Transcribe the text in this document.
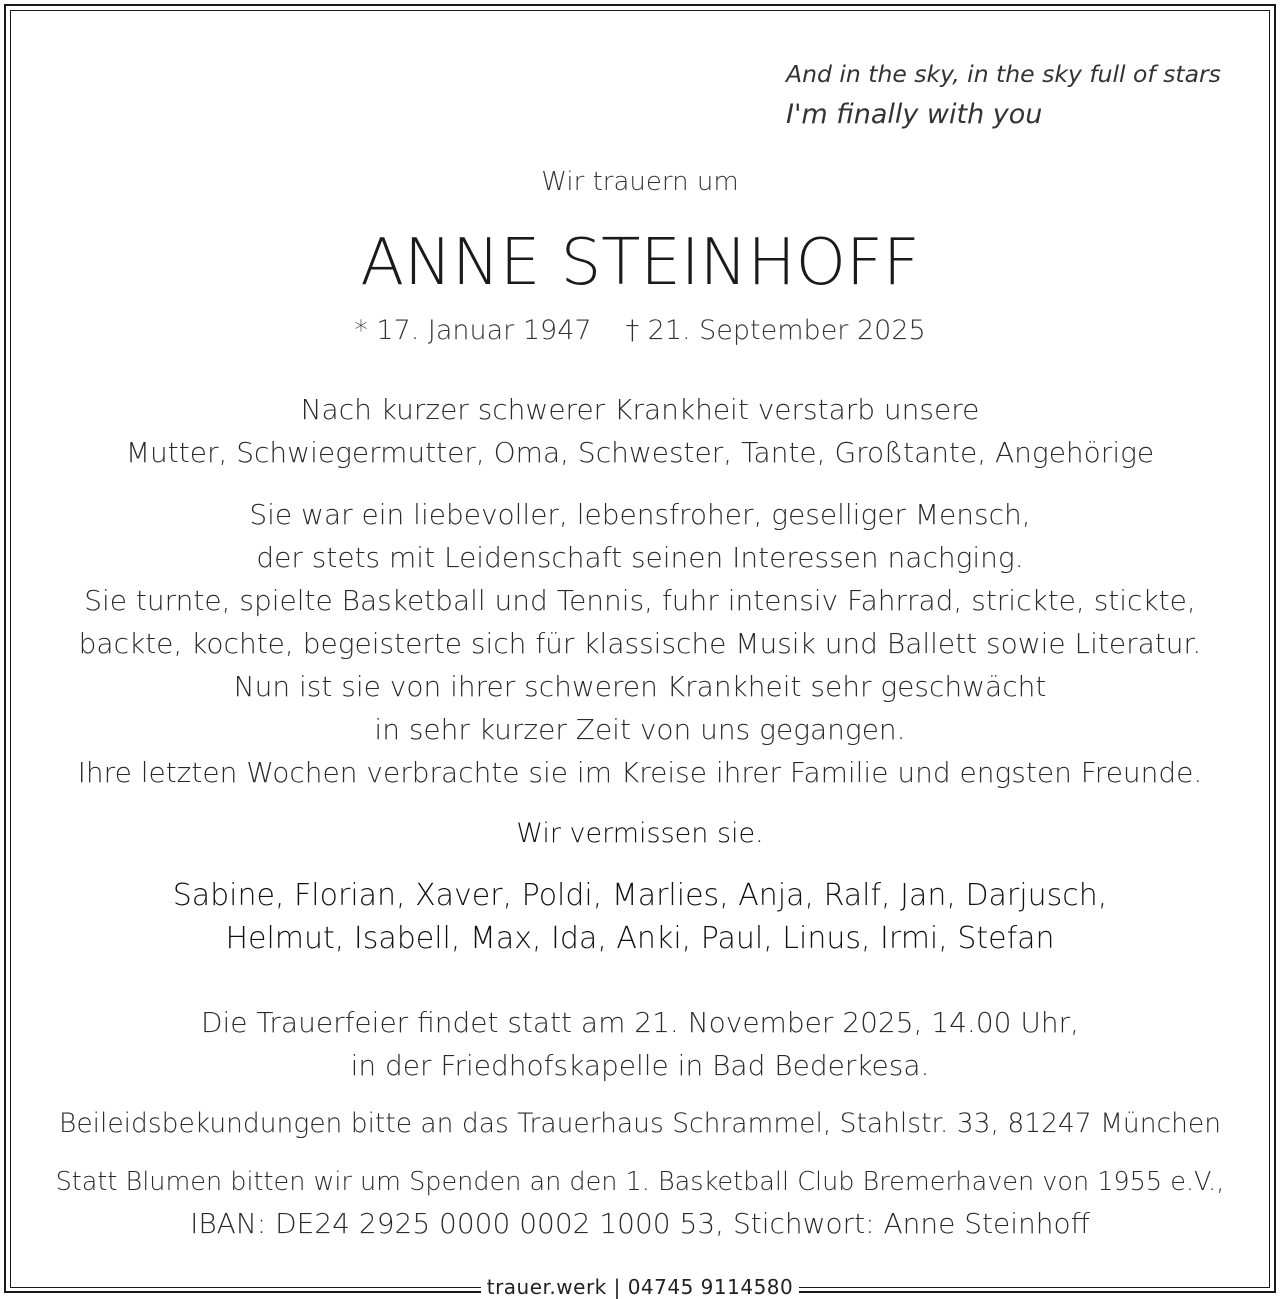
And in the sky, in the sky full of stars
I'm finally with you
Wir trauern um
ANNE STEINHOFF
* 17. Januar 1947 † 21. September 2025
Nach kurzer schwerer Krankheit verstarb unsere
Mutter, Schwiegermutter, Oma, Schwester, Tante, Großtante, Angehörige
Sie war ein liebevoller, lebensfroher, geselliger Mensch,
der stets mit Leidenschaft seinen Interessen nachging.
Sie turnte, spielte Basketball und Tennis, fuhr intensiv Fahrrad, strickte, stickte,
backte, kochte, begeisterte sich für klassische Musik und Ballett sowie Literatur.
Nun ist sie von ihrer schweren Krankheit sehr geschwächt
in sehr kurzer Zeit von uns gegangen.
Ihre letzten Wochen verbrachte sie im Kreise ihrer Familie und engsten Freunde.
Wir vermissen sie.
Sabine, Florian, Xaver, Poldi, Marlies, Anja, Ralf, Jan, Darjusch,
Helmut, Isabell, Max, Ida, Anki, Paul, Linus, Irmi, Stefan
Die Trauerfeier findet statt am 21. November 2025, 14.00 Uhr,
in der Friedhofskapelle in Bad Bederkesa.
Beileidsbekundungen bitte an das Trauerhaus Schrammel, Stahlstr. 33, 81247 München
Statt Blumen bitten wir um Spenden an den 1. Basketball Club Bremerhaven von 1955 e.V.,
IBAN: DE24 2925 0000 0002 1000 53, Stichwort: Anne Steinhoff
trauer.werk | 04745 9114580
